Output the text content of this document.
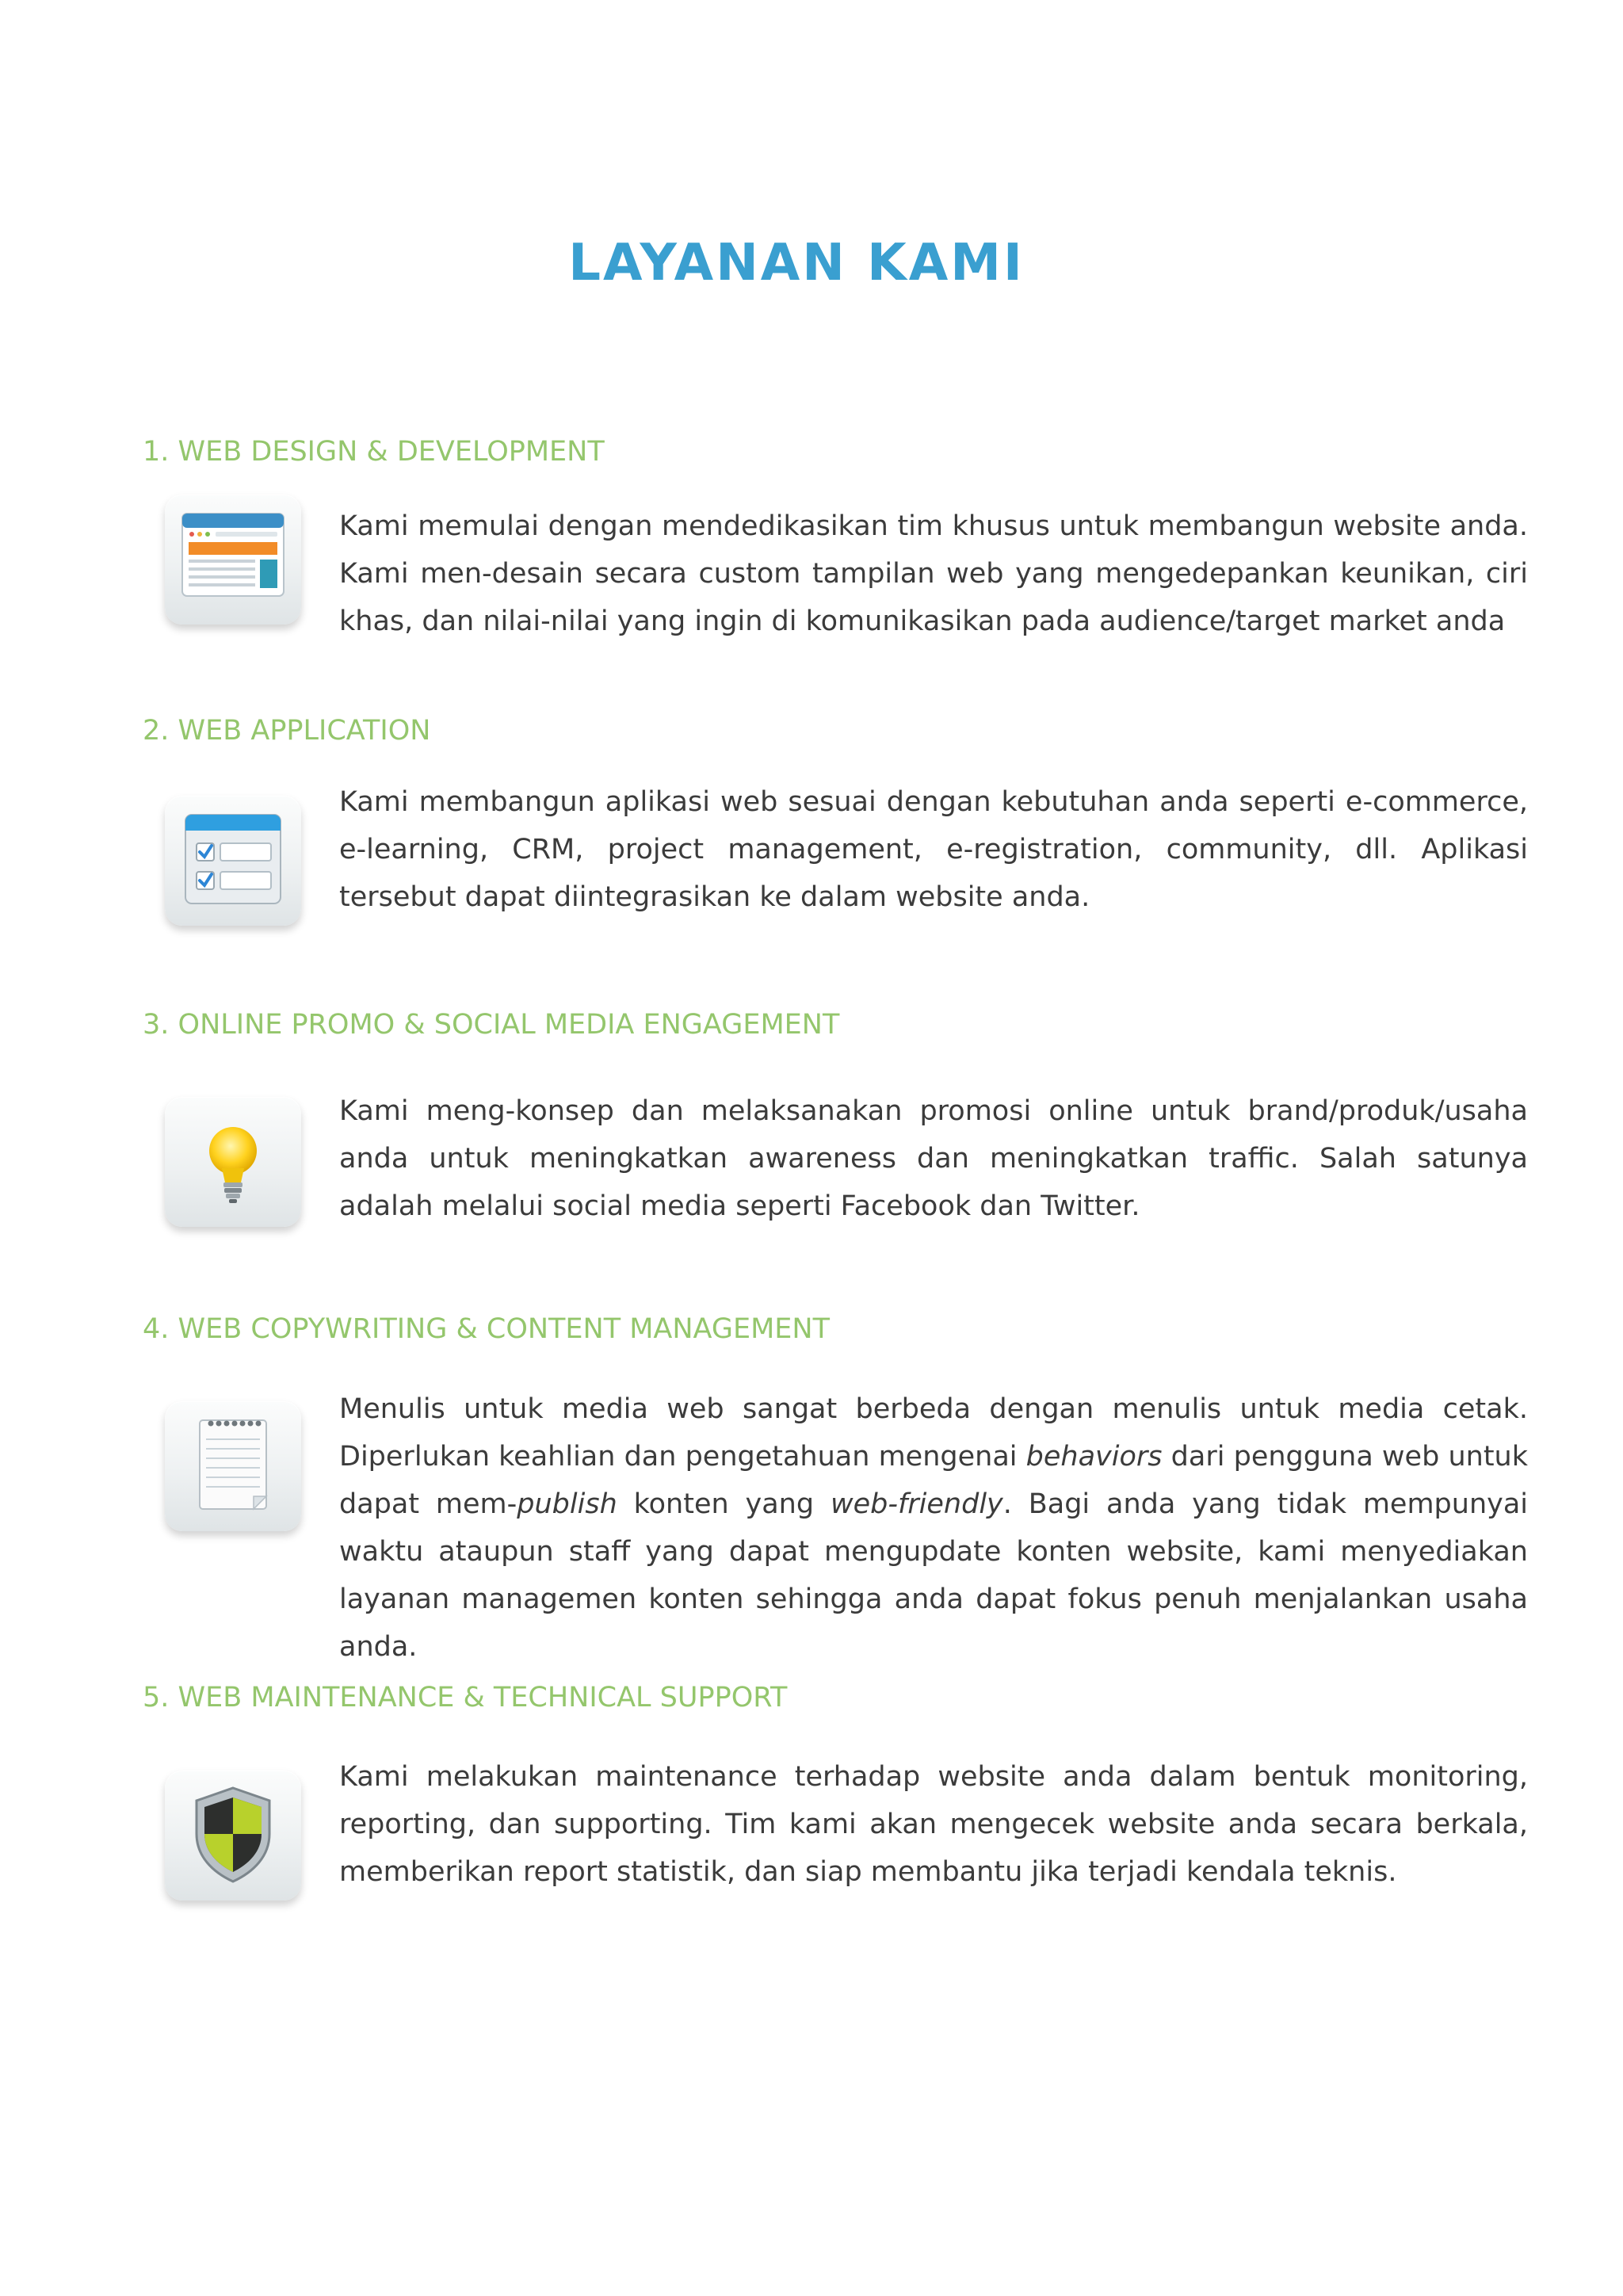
LAYANAN KAMI
1. WEB DESIGN & DEVELOPMENT
Kami memulai dengan mendedikasikan tim khusus untuk membangun website anda. Kami men-desain secara custom tampilan web yang mengedepankan keunikan, ciri khas, dan nilai-nilai yang ingin di komunikasikan pada audience/target market anda
2. WEB APPLICATION
Kami membangun aplikasi web sesuai dengan kebutuhan anda seperti e-commerce, e-learning, CRM, project management, e-registration, community, dll. Aplikasi tersebut dapat diintegrasikan ke dalam website anda.
3. ONLINE PROMO & SOCIAL MEDIA ENGAGEMENT
Kami meng-konsep dan melaksanakan promosi online untuk brand/produk/usaha anda untuk meningkatkan awareness dan meningkatkan traffic. Salah satunya adalah melalui social media seperti Facebook dan Twitter.
4. WEB COPYWRITING & CONTENT MANAGEMENT
Menulis untuk media web sangat berbeda dengan menulis untuk media cetak. Diperlukan keahlian dan pengetahuan mengenai behaviors dari pengguna web untuk dapat mem-publish konten yang web-friendly. Bagi anda yang tidak mempunyai waktu ataupun staff yang dapat mengupdate konten website, kami menyediakan layanan managemen konten sehingga anda dapat fokus penuh menjalankan usaha anda.
5. WEB MAINTENANCE & TECHNICAL SUPPORT
Kami melakukan maintenance terhadap website anda dalam bentuk monitoring, reporting, dan supporting. Tim kami akan mengecek website anda secara berkala, memberikan report statistik, dan siap membantu jika terjadi kendala teknis.
